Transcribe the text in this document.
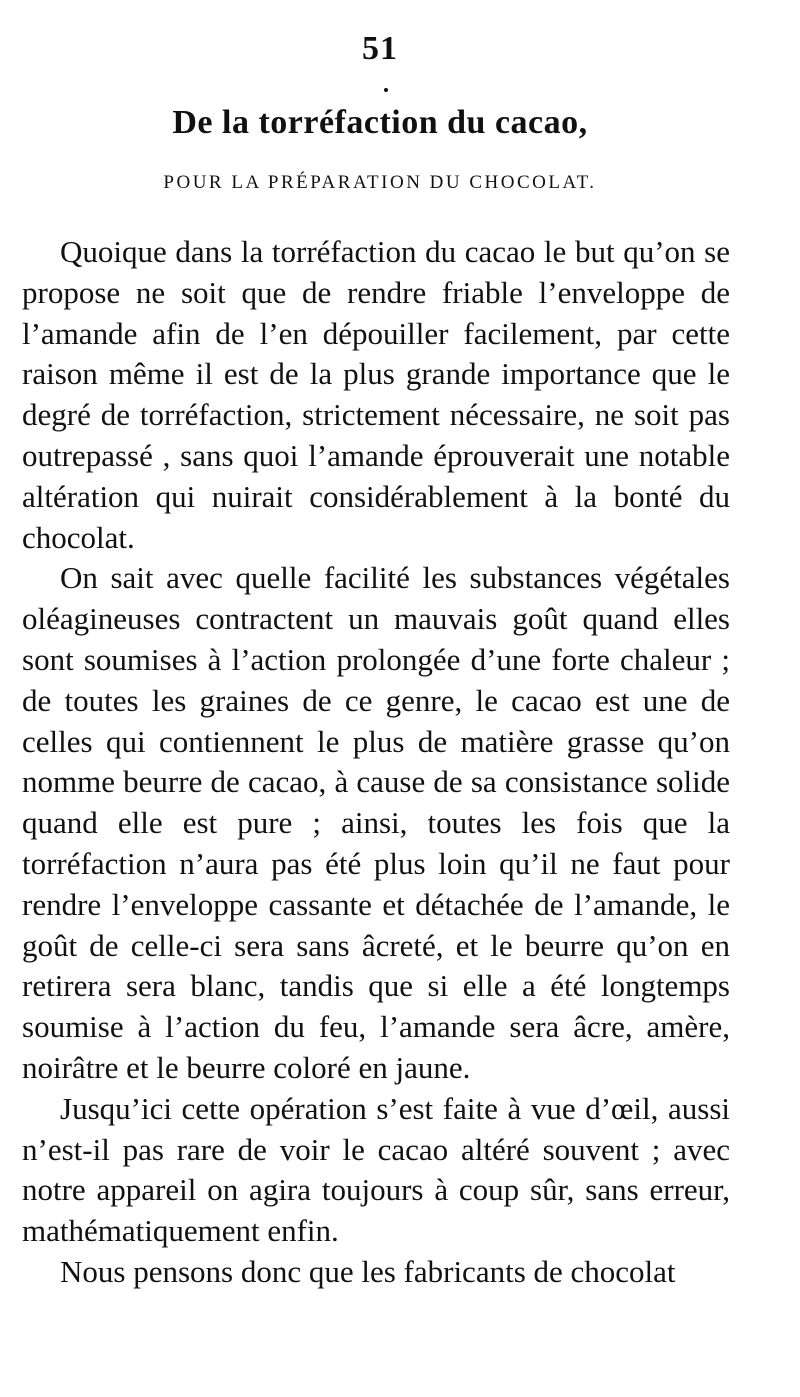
51
De la torréfaction du cacao,
POUR LA PRÉPARATION DU CHOCOLAT.

Quoique dans la torréfaction du cacao le but qu’on se propose ne soit que de rendre friable l’enveloppe de l’amande afin de l’en dépouiller facilement, par cette raison même il est de la plus grande importance que le degré de torréfaction, strictement nécessaire, ne soit pas outrepassé , sans quoi l’amande éprouverait une notable altération qui nuirait considérablement à la bonté du chocolat.

On sait avec quelle facilité les substances végétales oléagineuses contractent un mauvais goût quand elles sont soumises à l’action prolongée d’une forte chaleur ; de toutes les graines de ce genre, le cacao est une de celles qui contiennent le plus de matière grasse qu’on nomme beurre de cacao, à cause de sa consistance solide quand elle est pure ; ainsi, toutes les fois que la torréfaction n’aura pas été plus loin qu’il ne faut pour rendre l’enveloppe cassante et détachée de l’amande, le goût de celle-ci sera sans âcreté, et le beurre qu’on en retirera sera blanc, tandis que si elle a été longtemps soumise à l’action du feu, l’amande sera âcre, amère, noirâtre et le beurre coloré en jaune.

Jusqu’ici cette opération s’est faite à vue d’œil, aussi n’est-il pas rare de voir le cacao altéré souvent ; avec notre appareil on agira toujours à coup sûr, sans erreur, mathématiquement enfin.

Nous pensons donc que les fabricants de chocolat
